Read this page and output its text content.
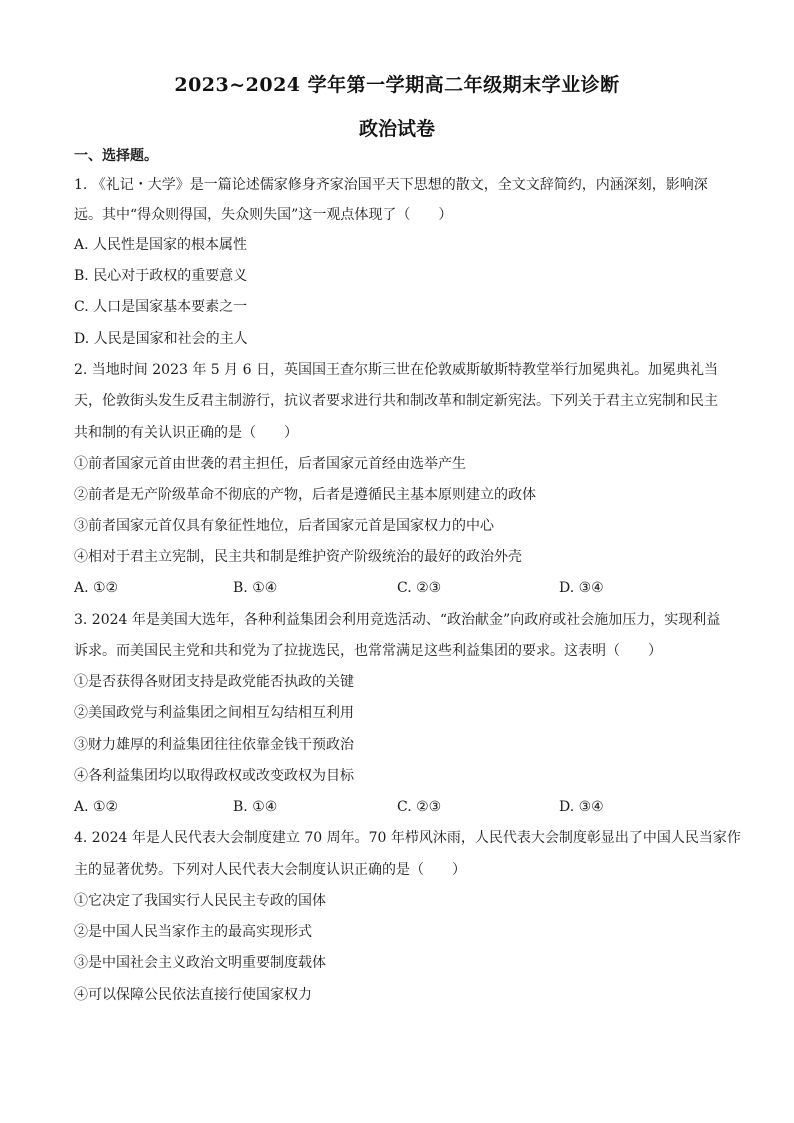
2023~2024 学年第一学期高二年级期末学业诊断
政治试卷
一、选择题。
1. 《礼记・大学》是一篇论述儒家修身齐家治国平天下思想的散文，全文文辞简约，内涵深刻，影响深
远。其中“得众则得国，失众则失国”这一观点体现了（　　）
A. 人民性是国家的根本属性
B. 民心对于政权的重要意义
C. 人口是国家基本要素之一
D. 人民是国家和社会的主人
2. 当地时间 2023 年 5 月 6 日，英国国王查尔斯三世在伦敦威斯敏斯特教堂举行加冕典礼。加冕典礼当
天，伦敦街头发生反君主制游行，抗议者要求进行共和制改革和制定新宪法。下列关于君主立宪制和民主
共和制的有关认识正确的是（　　）
①前者国家元首由世袭的君主担任，后者国家元首经由选举产生
②前者是无产阶级革命不彻底的产物，后者是遵循民主基本原则建立的政体
③前者国家元首仅具有象征性地位，后者国家元首是国家权力的中心
④相对于君主立宪制，民主共和制是维护资产阶级统治的最好的政治外壳
A. ①②	B. ①④	C. ②③	D. ③④
3. 2024 年是美国大选年，各种利益集团会利用竞选活动、“政治献金”向政府或社会施加压力，实现利益
诉求。而美国民主党和共和党为了拉拢选民，也常常满足这些利益集团的要求。这表明（　　）
①是否获得各财团支持是政党能否执政的关键
②美国政党与利益集团之间相互勾结相互利用
③财力雄厚的利益集团往往依靠金钱干预政治
④各利益集团均以取得政权或改变政权为目标
A. ①②	B. ①④	C. ②③	D. ③④
4. 2024 年是人民代表大会制度建立 70 周年。70 年栉风沐雨，人民代表大会制度彰显出了中国人民当家作
主的显著优势。下列对人民代表大会制度认识正确的是（　　）
①它决定了我国实行人民民主专政的国体
②是中国人民当家作主的最高实现形式
③是中国社会主义政治文明重要制度载体
④可以保障公民依法直接行使国家权力
